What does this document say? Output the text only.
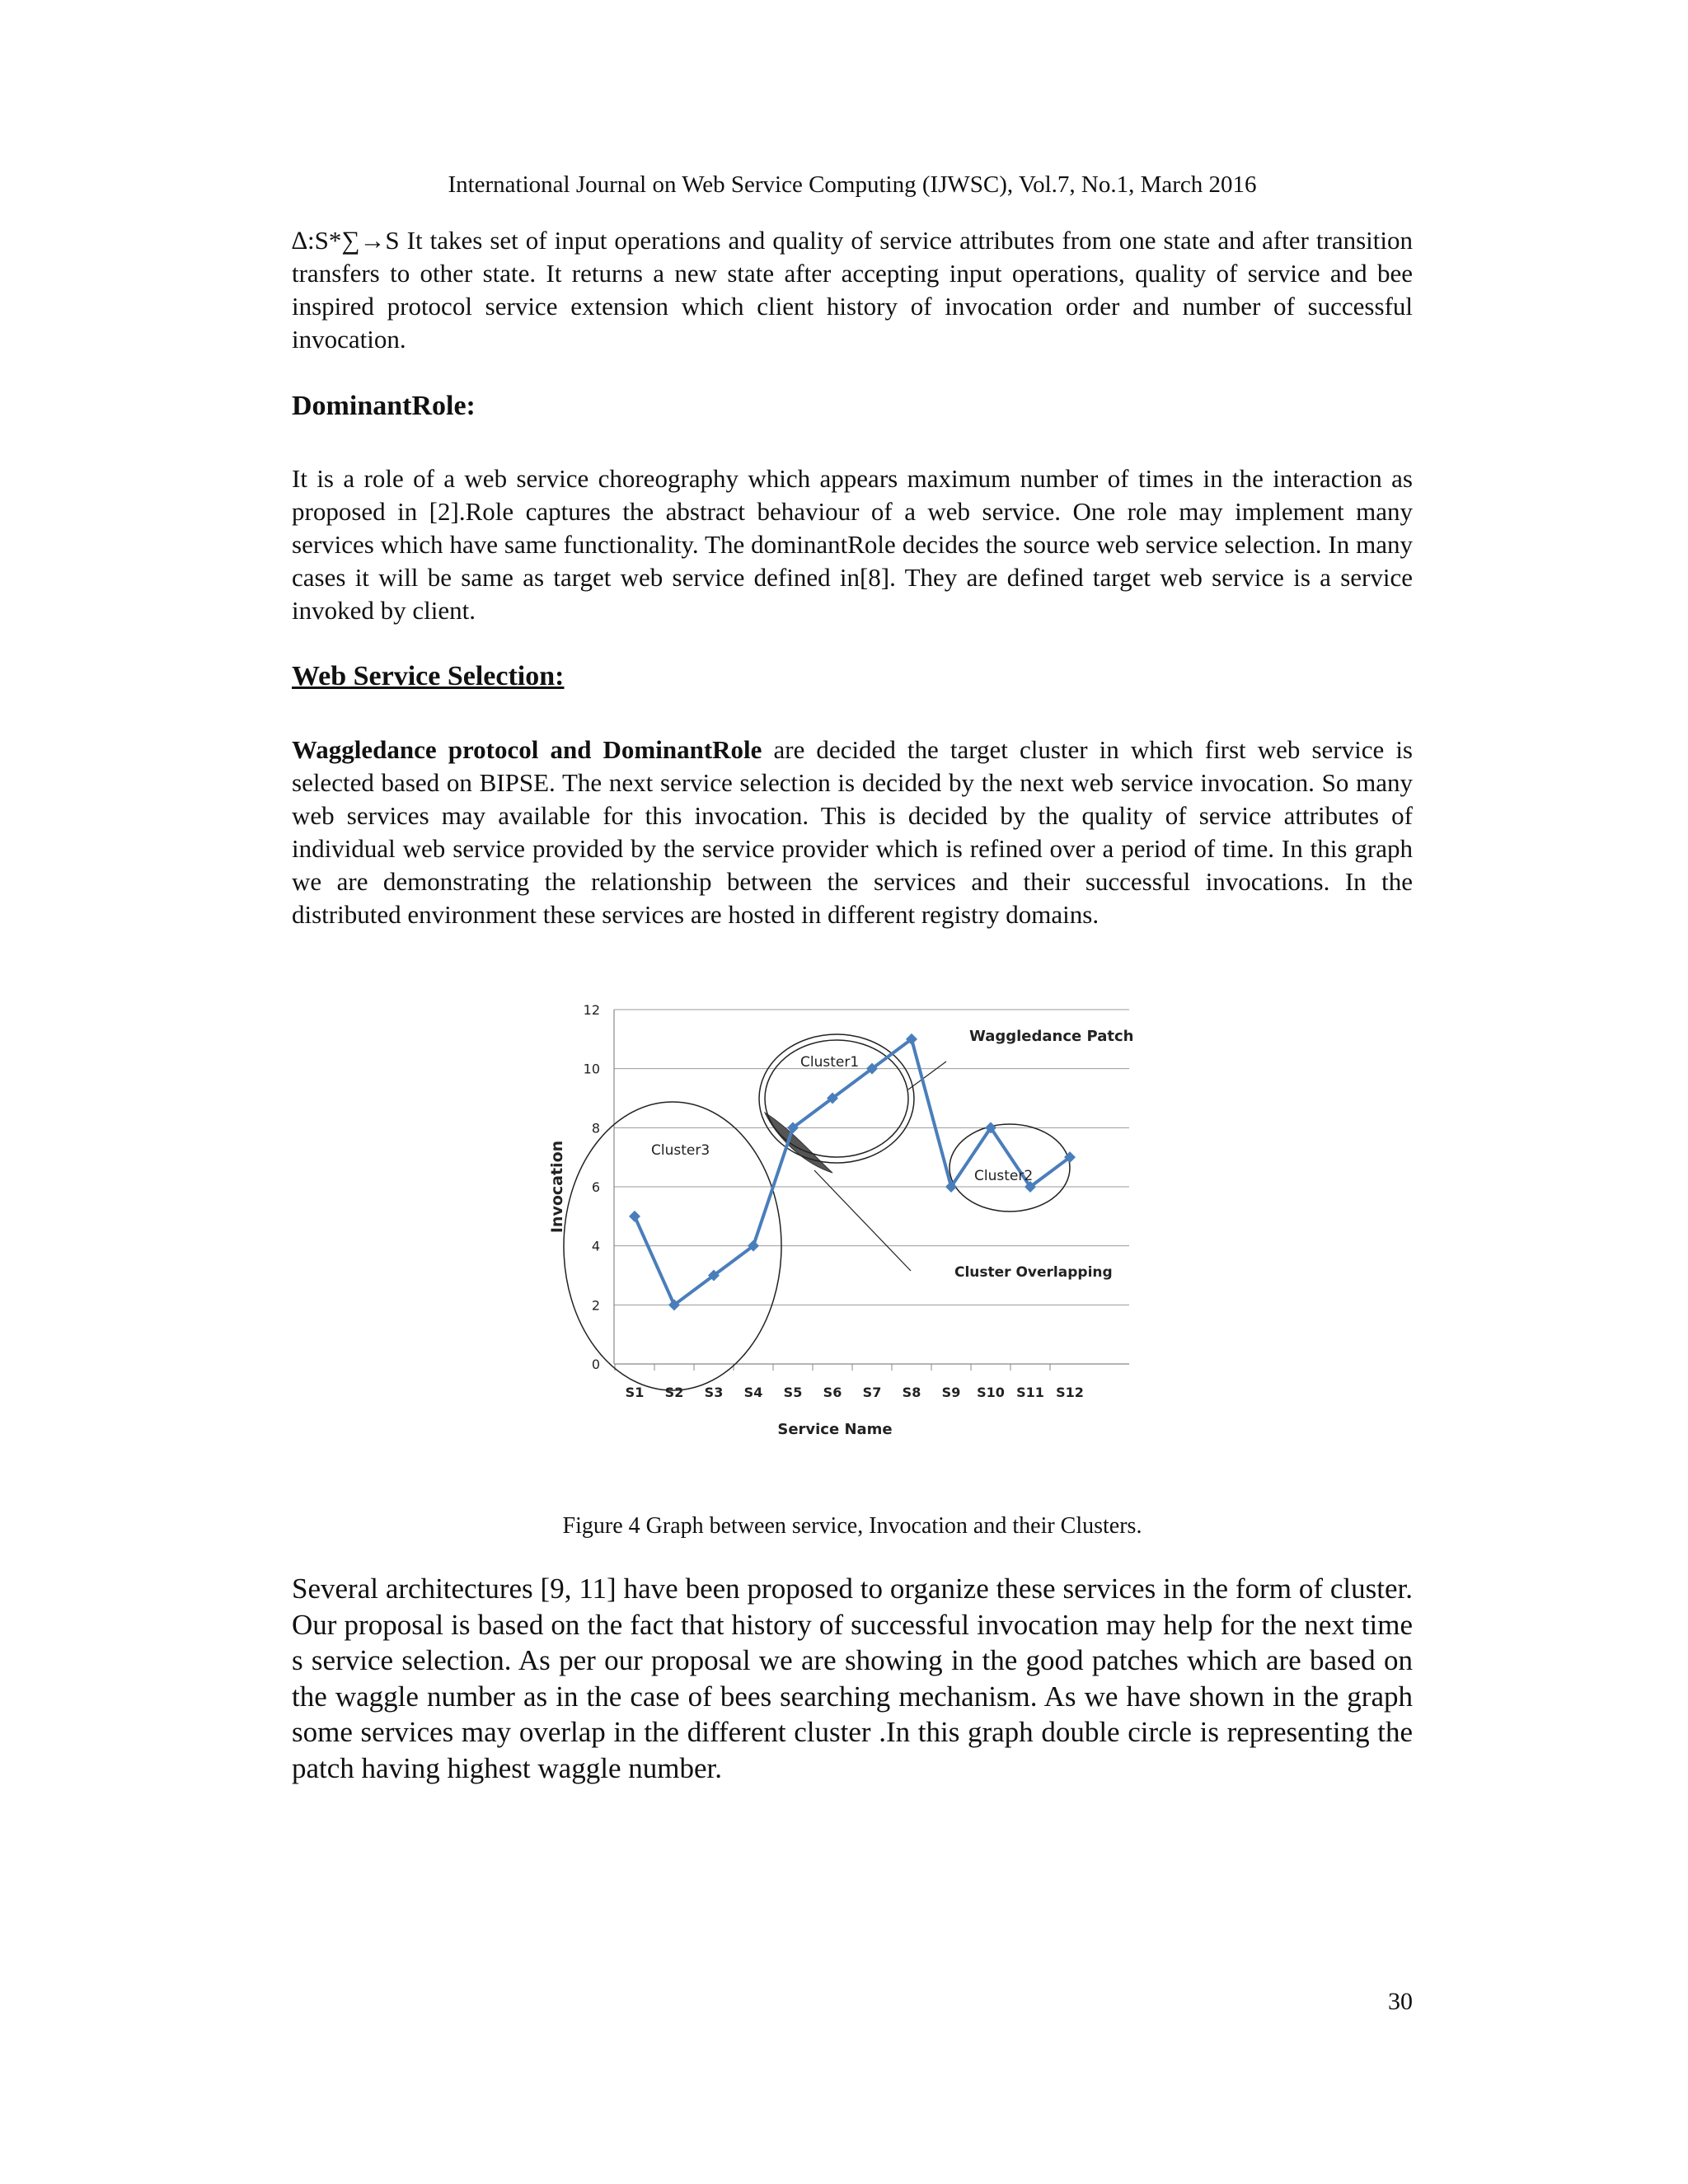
International Journal on Web Service Computing (IJWSC), Vol.7, No.1, March 2016

∆:S*∑→S It takes set of input operations and quality of service attributes from one state and after transition transfers to other state. It returns a new state after accepting input operations, quality of service and bee inspired protocol service extension which client history of invocation order and number of successful invocation.

DominantRole:

It is a role of a web service choreography which appears maximum number of times in the interaction as proposed in [2].Role captures the abstract behaviour of a web service. One role may implement many services which have same functionality. The dominantRole decides the source web service selection. In many cases it will be same as target web service defined in[8]. They are defined target web service is a service invoked by client.

Web Service Selection:

Waggledance protocol and DominantRole are decided the target cluster in which first web service is selected based on BIPSE. The next service selection is decided by the next web service invocation. So many web services may available for this invocation. This is decided by the quality of service attributes of individual web service provided by the service provider which is refined over a period of time. In this graph we are demonstrating the relationship between the services and their successful invocations. In the distributed environment these services are hosted in different registry domains.

0
2
4
6
8
10
12
S1 S2 S3 S4 S5 S6 S7 S8 S9 S10 S11 S12
Cluster1
Cluster2
Cluster3
Waggledance Patch
Cluster Overlapping
Service Name
Invocation
Figure 4 Graph between service, Invocation and their Clusters.

Several architectures [9, 11] have been proposed to organize these services in the form of cluster. Our proposal is based on the fact that history of successful invocation may help for the next time s service selection. As per our proposal we are showing in the good patches which are based on the waggle number as in the case of bees searching mechanism. As we have shown in the graph some services may overlap in the different cluster .In this graph double circle is representing the patch having highest waggle number.

30
